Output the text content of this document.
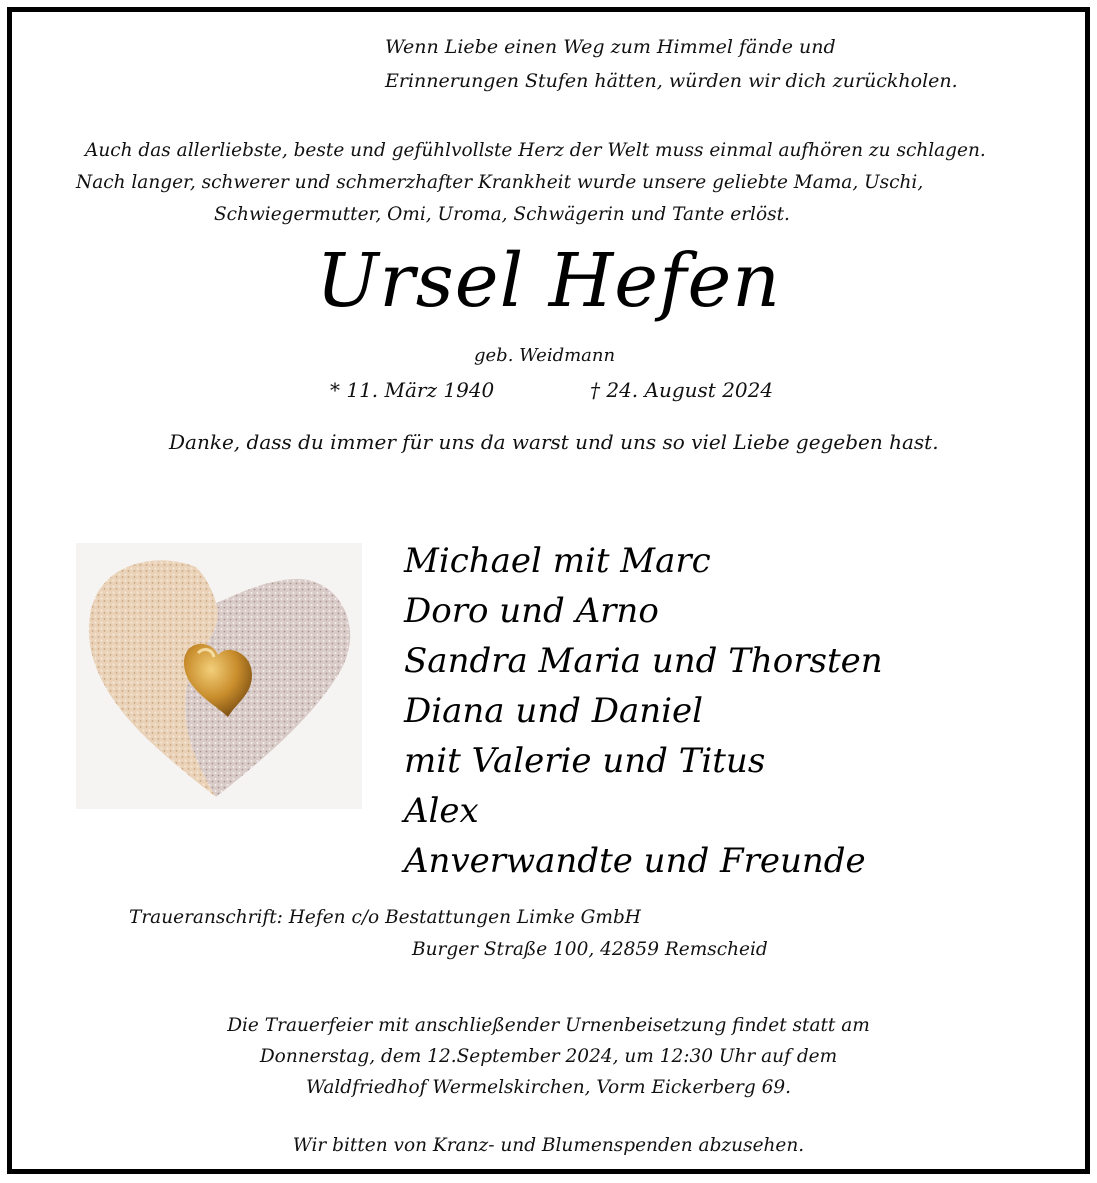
Wenn Liebe einen Weg zum Himmel fände und

Erinnerungen Stufen hätten, würden wir dich zurückholen.

Auch das allerliebste, beste und gefühlvollste Herz der Welt muss einmal aufhören zu schlagen.

Nach langer, schwerer und schmerzhafter Krankheit wurde unsere geliebte Mama, Uschi,

Schwiegermutter, Omi, Uroma, Schwägerin und Tante erlöst.

Ursel Hefen

geb. Weidmann

* 11. März 1940	† 24. August 2024

Danke, dass du immer für uns da warst und uns so viel Liebe gegeben hast.

Michael mit Marc
Doro und Arno
Sandra Maria und Thorsten
Diana und Daniel
mit Valerie und Titus
Alex
Anverwandte und Freunde

Traueranschrift: Hefen c/o Bestattungen Limke GmbH

Burger Straße 100, 42859 Remscheid

Die Trauerfeier mit anschließender Urnenbeisetzung findet statt am

Donnerstag, dem 12.September 2024, um 12:30 Uhr auf dem

Waldfriedhof Wermelskirchen, Vorm Eickerberg 69.

Wir bitten von Kranz- und Blumenspenden abzusehen.
